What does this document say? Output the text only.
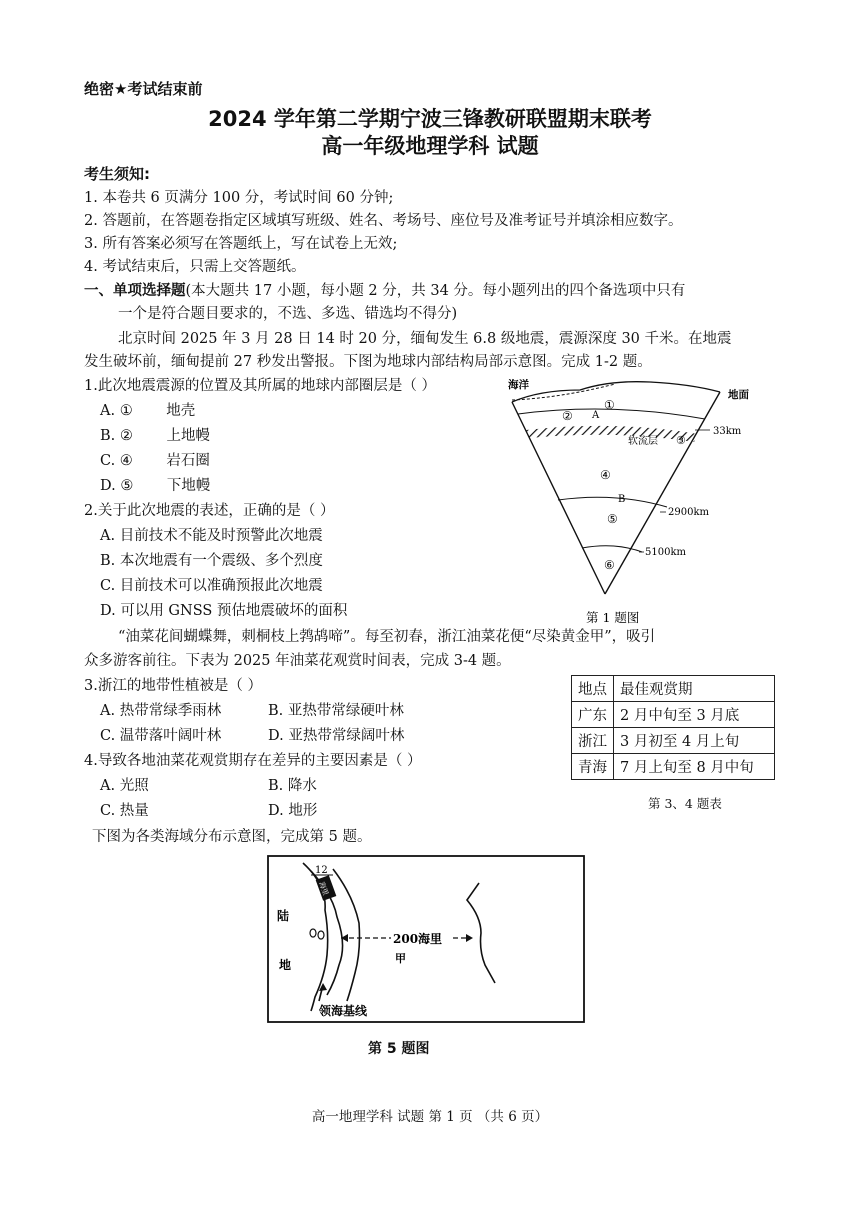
绝密★考试结束前
2024 学年第二学期宁波三锋教研联盟期末联考
高一年级地理学科 试题
考生须知:
1. 本卷共 6 页满分 100 分，考试时间 60 分钟;
2. 答题前，在答题卷指定区域填写班级、姓名、考场号、座位号及准考证号并填涂相应数字。
3. 所有答案必须写在答题纸上，写在试卷上无效;
4. 考试结束后，只需上交答题纸。
一、单项选择题(本大题共 17 小题，每小题 2 分，共 34 分。每小题列出的四个备选项中只有
一个是符合题目要求的，不选、多选、错选均不得分)
北京时间 2025 年 3 月 28 日 14 时 20 分，缅甸发生 6.8 级地震，震源深度 30 千米。在地震
发生破坏前，缅甸提前 27 秒发出警报。下图为地球内部结构局部示意图。完成 1-2 题。
1.此次地震震源的位置及其所属的地球内部圈层是（ ）
A. ①　　 地壳
B. ②　　 上地幔
C. ④　　 岩石圈
D. ⑤　　 下地幔
2.关于此次地震的表述，正确的是（ ）
A. 目前技术不能及时预警此次地震
B. 本次地震有一个震级、多个烈度
C. 目前技术可以准确预报此次地震
D. 可以用 GNSS 预估地震破坏的面积
海洋
地面
①
② A
软流层 ③
33km
④
B
2900km
⑤
5100km
⑥
第 1 题图
“油菜花间蝴蝶舞，刺桐枝上鹁鸪啼”。每至初春，浙江油菜花便“尽染黄金甲”，吸引
众多游客前往。下表为 2025 年油菜花观赏时间表，完成 3-4 题。
3.浙江的地带性植被是（ ）
A. 热带常绿季雨林	B. 亚热带常绿硬叶林
C. 温带落叶阔叶林	D. 亚热带常绿阔叶林
4.导致各地油菜花观赏期存在差异的主要因素是（ ）
A. 光照	B. 降水
C. 热量	D. 地形
地点	最佳观赏期
广东	2 月中旬至 3 月底
浙江	3 月初至 4 月上旬
青海	7 月上旬至 8 月中旬
第 3、4 题表
下图为各类海域分布示意图，完成第 5 题。
12
海里
200海里
甲
陆
地
领海基线
第 5 题图
高一地理学科 试题 第 1 页 （共 6 页）
